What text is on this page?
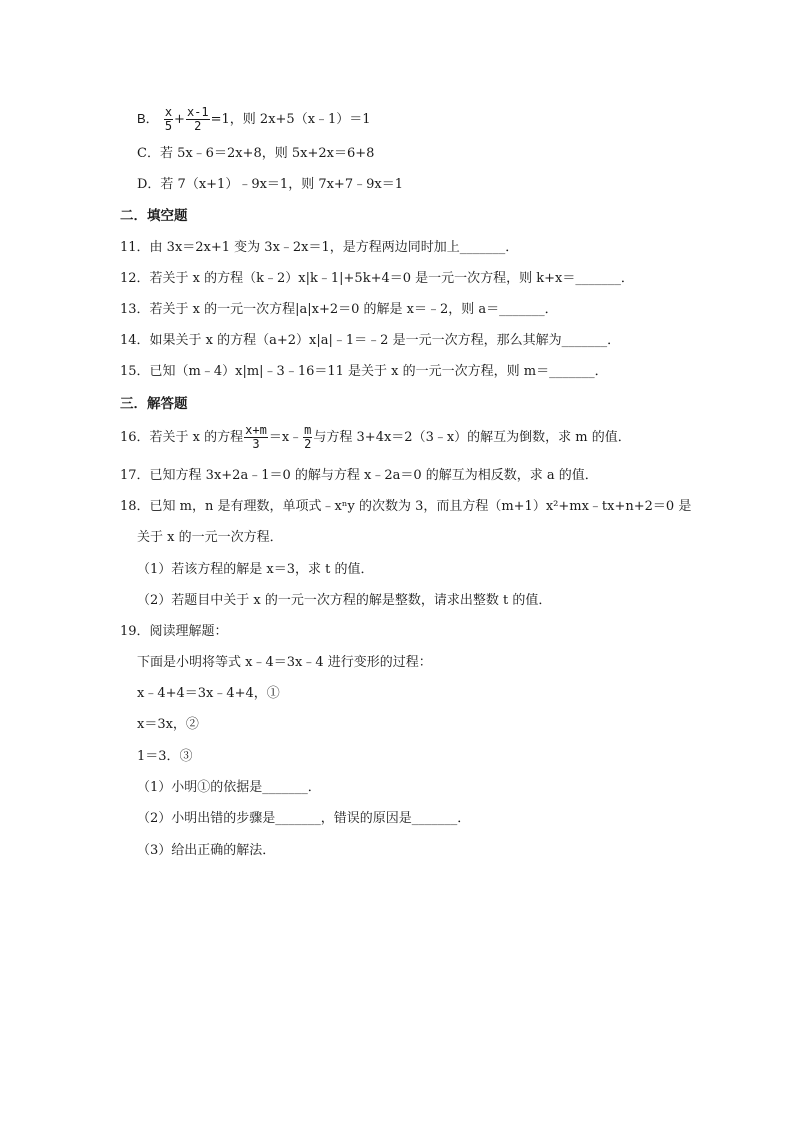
B． $\frac{x}{5} + \frac{x-1}{2} =1$，则 2x+5（x﹣1）＝1
C．若 5x﹣6＝2x+8，则 5x+2x＝6+8
D．若 7（x+1）﹣9x＝1，则 7x+7﹣9x＝1
二．填空题
11．由 3x＝2x+1 变为 3x﹣2x＝1，是方程两边同时加上_______．
12．若关于 x 的方程（k﹣2）x|k﹣1|+5k+4＝0 是一元一次方程，则 k+x＝_______．
13．若关于 x 的一元一次方程|a|x+2＝0 的解是 x＝﹣2，则 a＝_______．
14．如果关于 x 的方程（a+2）x|a|﹣1＝﹣2 是一元一次方程，那么其解为_______．
15．已知（m﹣4）x|m|﹣3﹣16＝11 是关于 x 的一元一次方程，则 m＝_______．
三．解答题
16．若关于 x 的方程 $\frac{x+m}{3}$ ＝x﹣ $\frac{m}{2}$ 与方程 3+4x＝2（3﹣x）的解互为倒数，求 m 的值．
17．已知方程 3x+2a﹣1＝0 的解与方程 x﹣2a＝0 的解互为相反数，求 a 的值．
18．已知 m，n 是有理数，单项式﹣xⁿy 的次数为 3，而且方程（m+1）x²+mx﹣tx+n+2＝0 是
关于 x 的一元一次方程．
（1）若该方程的解是 x＝3，求 t 的值．
（2）若题目中关于 x 的一元一次方程的解是整数，请求出整数 t 的值．
19．阅读理解题：
下面是小明将等式 x﹣4＝3x﹣4 进行变形的过程：
x﹣4+4＝3x﹣4+4，①
x＝3x，②
1＝3．③
（1）小明①的依据是_______．
（2）小明出错的步骤是_______，错误的原因是_______．
（3）给出正确的解法．
